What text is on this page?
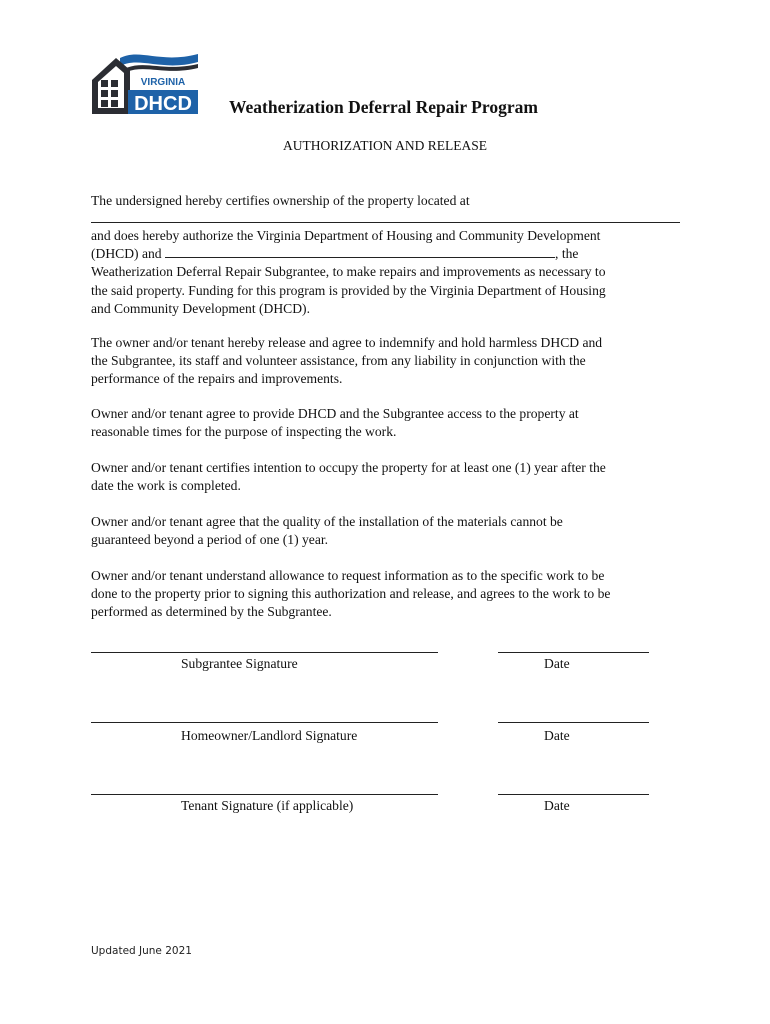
VIRGINIA
DHCD Weatherization Deferral Repair Program
AUTHORIZATION AND RELEASE
The undersigned hereby certifies ownership of the property located at
and does hereby authorize the Virginia Department of Housing and Community Development
(DHCD) and	, the
Weatherization Deferral Repair Subgrantee, to make repairs and improvements as necessary to
the said property. Funding for this program is provided by the Virginia Department of Housing
and Community Development (DHCD).
The owner and/or tenant hereby release and agree to indemnify and hold harmless DHCD and
the Subgrantee, its staff and volunteer assistance, from any liability in conjunction with the
performance of the repairs and improvements.
Owner and/or tenant agree to provide DHCD and the Subgrantee access to the property at
reasonable times for the purpose of inspecting the work.
Owner and/or tenant certifies intention to occupy the property for at least one (1) year after the
date the work is completed.
Owner and/or tenant agree that the quality of the installation of the materials cannot be
guaranteed beyond a period of one (1) year.
Owner and/or tenant understand allowance to request information as to the specific work to be
done to the property prior to signing this authorization and release, and agrees to the work to be
performed as determined by the Subgrantee.
Subgrantee Signature	Date
Homeowner/Landlord Signature	Date
Tenant Signature (if applicable)	Date
Updated June 2021
